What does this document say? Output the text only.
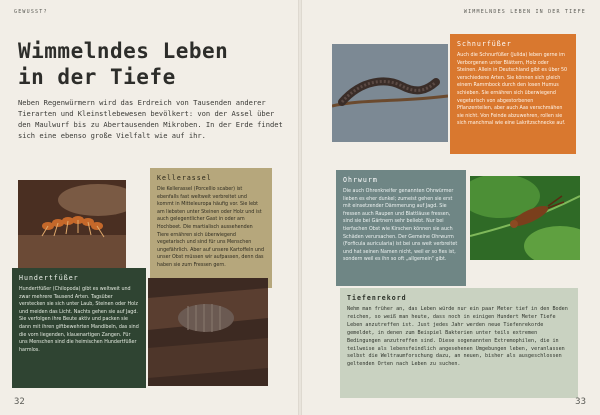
GEWUSST?	WIMMELNDES LEBEN IN DER TIEFE
Wimmelndes Leben
in der Tiefe
Neben Regenwürmern wird das Erdreich von Tausenden anderer Tierarten und Kleinstlebewesen bevölkert: von der Assel über den Maulwurf bis zu Abertausenden Mikroben. In der Erde findet sich eine ebenso große Vielfalt wie auf ihr.
Hundertfüßer

Hundertfüßer (Chilopoda) gibt es weltweit und zwar mehrere Tausend Arten. Tagsüber verstecken sie sich unter Laub, Steinen oder Holz und meiden das Licht. Nachts gehen sie auf Jagd. Sie verfolgen ihre Beute aktiv und packen sie dann mit ihren giftbewehrten Mandibeln, das sind die vorn liegenden, klauenartigen Zangen. Für uns Menschen sind die heimischen Hundertfüßer harmlos.

Kellerassel

Die Kellerassel (Porcellio scaber) ist ebenfalls fast weltweit verbreitet und kommt in Mitteleuropa häufig vor. Sie lebt am liebsten unter Steinen oder Holz und ist auch gelegentlicher Gast in oder am Hochbeet. Die martialisch aussehenden Tiere ernähren sich überwiegend vegetarisch und sind für uns Menschen ungefährlich. Aber auf unsere Kartoffeln und unser Obst müssen wir aufpassen, denn das haben sie zum Fressen gern.

Schnurfüßer

Auch die Schnurfüßer (Julida) leben gerne im Verborgenen unter Blättern, Holz oder Steinen. Allein in Deutschland gibt es über 50 verschiedene Arten. Sie können sich gleich einem Rammbock durch den losen Humus schieben. Sie ernähren sich überwiegend vegetarisch von abgestorbenen Pflanzenteilen, aber auch Aas verschmähen sie nicht. Von Feinde abzuwehren, rollen sie sich manchmal wie eine Lakritzschnecke auf.

Ohrwurm

Die auch Ohrenkneifer genannten Ohrwürmer lieben es eher dunkel; zumeist gehen sie erst mit einsetzender Dämmerung auf Jagd. Sie fressen auch Raupen und Blattläuse fressen, sind sie bei Gärtnern sehr beliebt. Nur bei tierfachen Obst wie Kirschen können sie auch Schäden verursachen. Der Gemeine Ohrwurm (Forficula auricularia) ist bei uns weit verbreitet und hat seinen Namen nicht, weil er so fies ist, sondern weil es ihn so oft „allgemein“ gibt.

Tiefenrekord

Nehm man früher an, das Leben würde nur ein paar Meter tief in den Boden reichen, so weiß man heute, dass noch in einigen Hundert Meter Tiefe Leben anzutreffen ist. Just jedes Jahr werden neue Tiefenrekorde gemeldet, in denen zum Beispiel Bakterien unter teils extremen Bedingungen anzutreffen sind. Diese sogenannten Extremophilen, die in teilweise als lebensfeindlich angesehenen Umgebungen leben, veranlassen selbst die Weltraumforschung dazu, an neuen, bisher als ausgeschlossen geltenden Orten nach Leben zu suchen.

32	33
